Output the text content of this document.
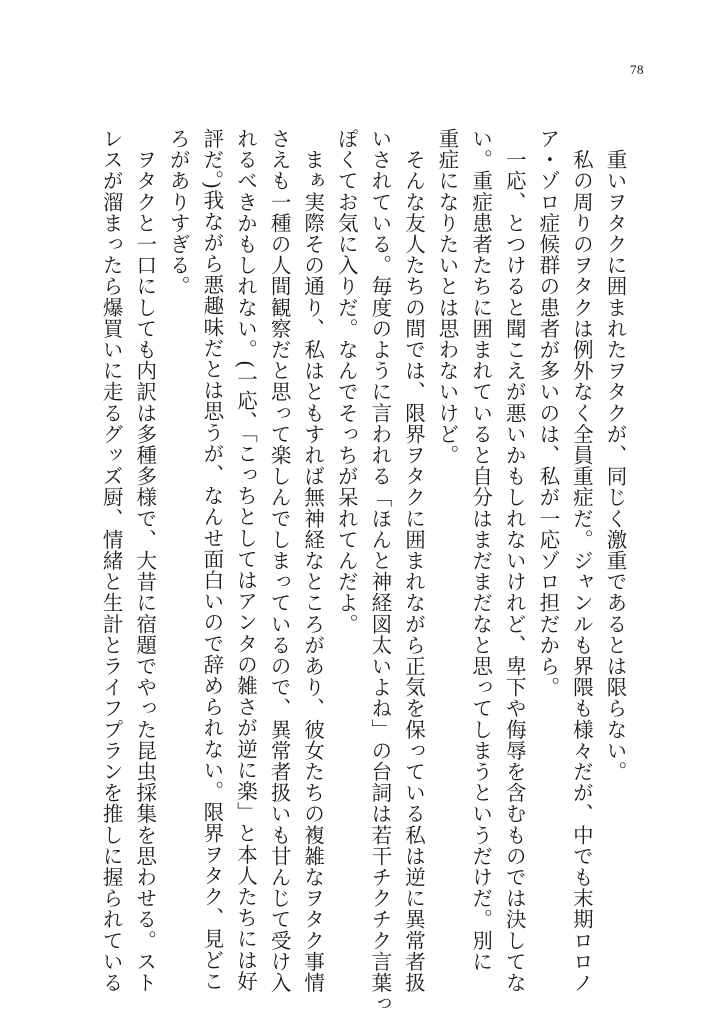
78

　重いヲタクに囲まれたヲタクが、同じく激重であるとは限らない。

　私の周りのヲタクは例外なく全員重症だ。ジャンルも界隈も様々だが、中でも末期ロロノ

ア・ゾロ症候群の患者が多いのは、私が一応ゾロ担だから。

　一応、とつけると聞こえが悪いかもしれないけれど、卑下や侮辱を含むものでは決してな

い。重症患者たちに囲まれていると自分はまだまだなと思ってしまうというだけだ。別に

重症になりたいとは思わないけど。

　そんな友人たちの間では、限界ヲタクに囲まれながら正気を保っている私は逆に異常者扱

いされている。毎度のように言われる「ほんと神経図太いよね」の台詞は若干チクチク言葉っ

ぽくてお気に入りだ。なんでそっちが呆れてんだよ。

　まぁ実際その通り、私はともすれば無神経なところがあり、彼女たちの複雑なヲタク事情

さえも一種の人間観察だと思って楽しんでしまっているので、異常者扱いも甘んじて受け入

れるべきかもしれない。(一応、「こっちとしてはアンタの雑さが逆に楽」と本人たちには好

評だ。)我ながら悪趣味だとは思うが、なんせ面白いので辞められない。限界ヲタク、見どこ

ろがありすぎる。

　ヲタクと一口にしても内訳は多種多様で、大昔に宿題でやった昆虫採集を思わせる。スト

レスが溜まったら爆買いに走るグッズ厨、情緒と生計とライフプランを推しに握られている
